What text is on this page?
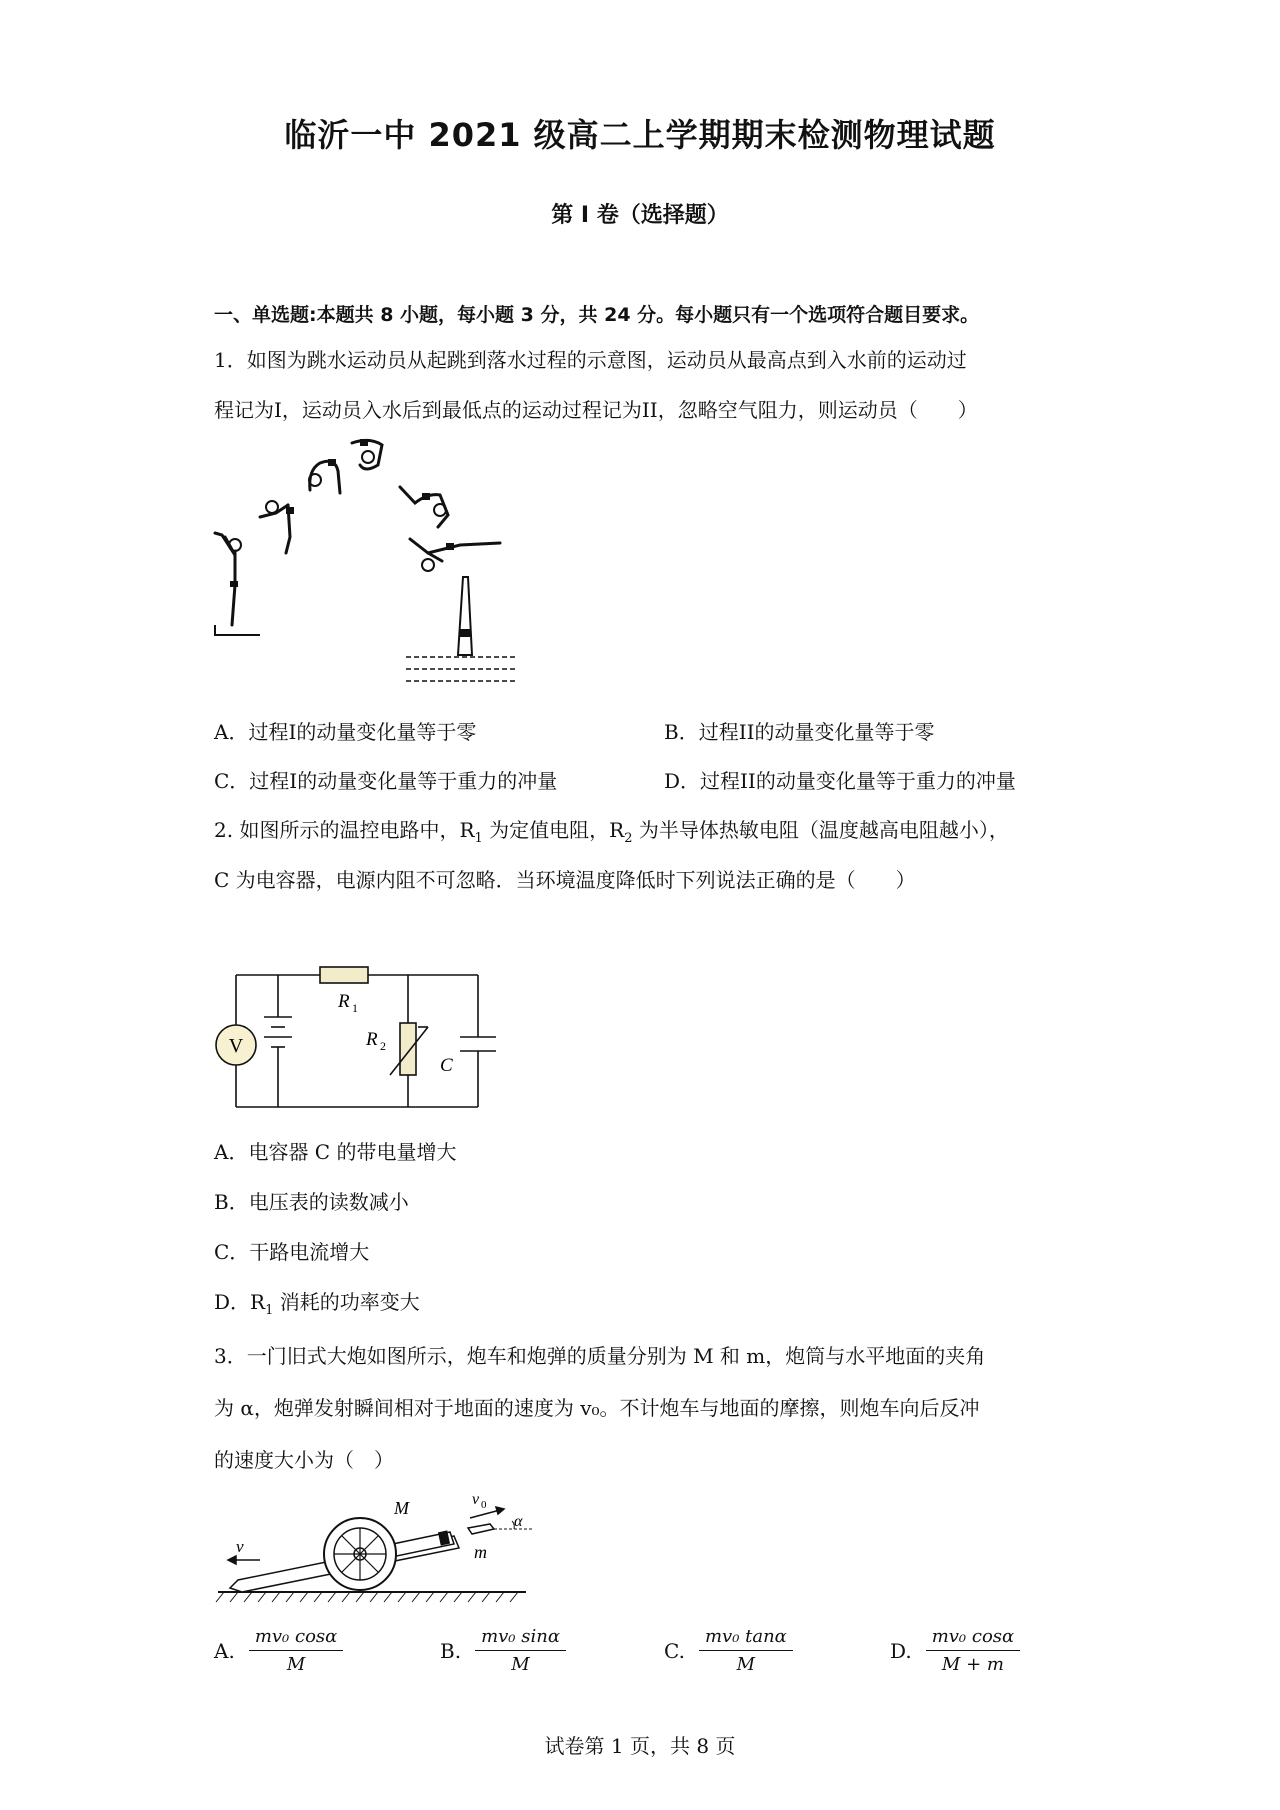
临沂一中 2021 级高二上学期期末检测物理试题
第 I 卷（选择题）
一、单选题:本题共 8 小题，每小题 3 分，共 24 分。每小题只有一个选项符合题目要求。
1．如图为跳水运动员从起跳到落水过程的示意图，运动员从最高点到入水前的运动过
程记为I，运动员入水后到最低点的运动过程记为II，忽略空气阻力，则运动员（　　）
A．过程I的动量变化量等于零	B．过程II的动量变化量等于零
C．过程I的动量变化量等于重力的冲量	D．过程II的动量变化量等于重力的冲量
2. 如图所示的温控电路中，$R_1$ 为定值电阻，$R_2$ 为半导体热敏电阻（温度越高电阻越小），
C 为电容器，电源内阻不可忽略．当环境温度降低时下列说法正确的是（　　）
V
R 1
R 2
C
A．电容器 C 的带电量增大
B．电压表的读数减小
C．干路电流增大
D．$R_1$ 消耗的功率变大
3．一门旧式大炮如图所示，炮车和炮弹的质量分别为 M 和 m，炮筒与水平地面的夹角
为 α，炮弹发射瞬间相对于地面的速度为 v₀。不计炮车与地面的摩擦，则炮车向后反冲
的速度大小为（　）
M
m
v
v 0
α
A. $\frac{\text{mv₀ cosα}}{M}$	B. $\frac{\text{mv₀ sinα}}{M}$	C. $\frac{\text{mv₀ tanα}}{M}$	D. $\frac{\text{mv₀ cosα}}{M + m}$
试卷第 1 页，共 8 页
